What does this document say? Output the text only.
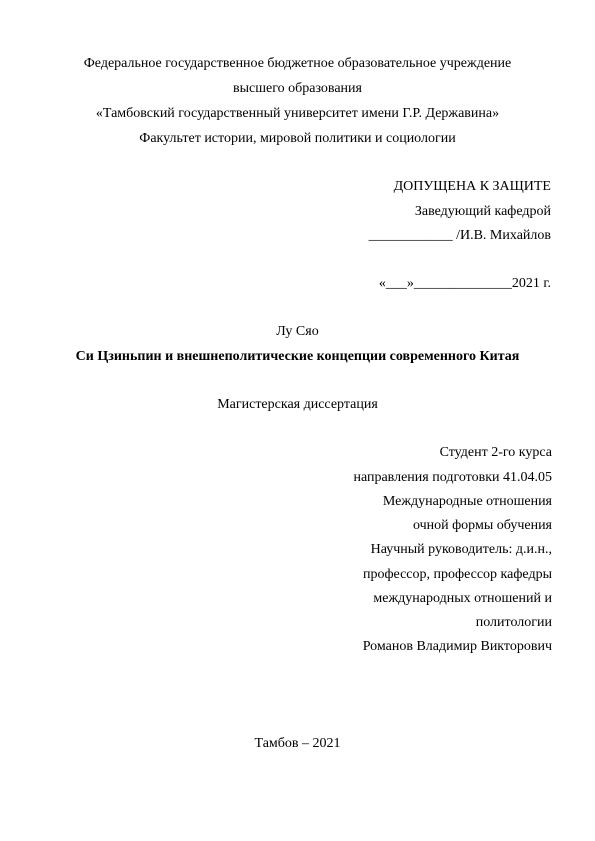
Федеральное государственное бюджетное образовательное учреждение
высшего образования
«Тамбовский государственный университет имени Г.Р. Державина»
Факультет истории, мировой политики и социологии
ДОПУЩЕНА К ЗАЩИТЕ
Заведующий кафедрой
____________ /И.В. Михайлов
«___»______________2021 г.
Лу Сяо
Си Цзиньпин и внешнеполитические концепции современного Китая
Магистерская диссертация
Студент 2-го курса
направления подготовки 41.04.05
Международные отношения
очной формы обучения
Научный руководитель: д.и.н.,
профессор, профессор кафедры
международных отношений и
политологии
Романов Владимир Викторович
Тамбов – 2021
